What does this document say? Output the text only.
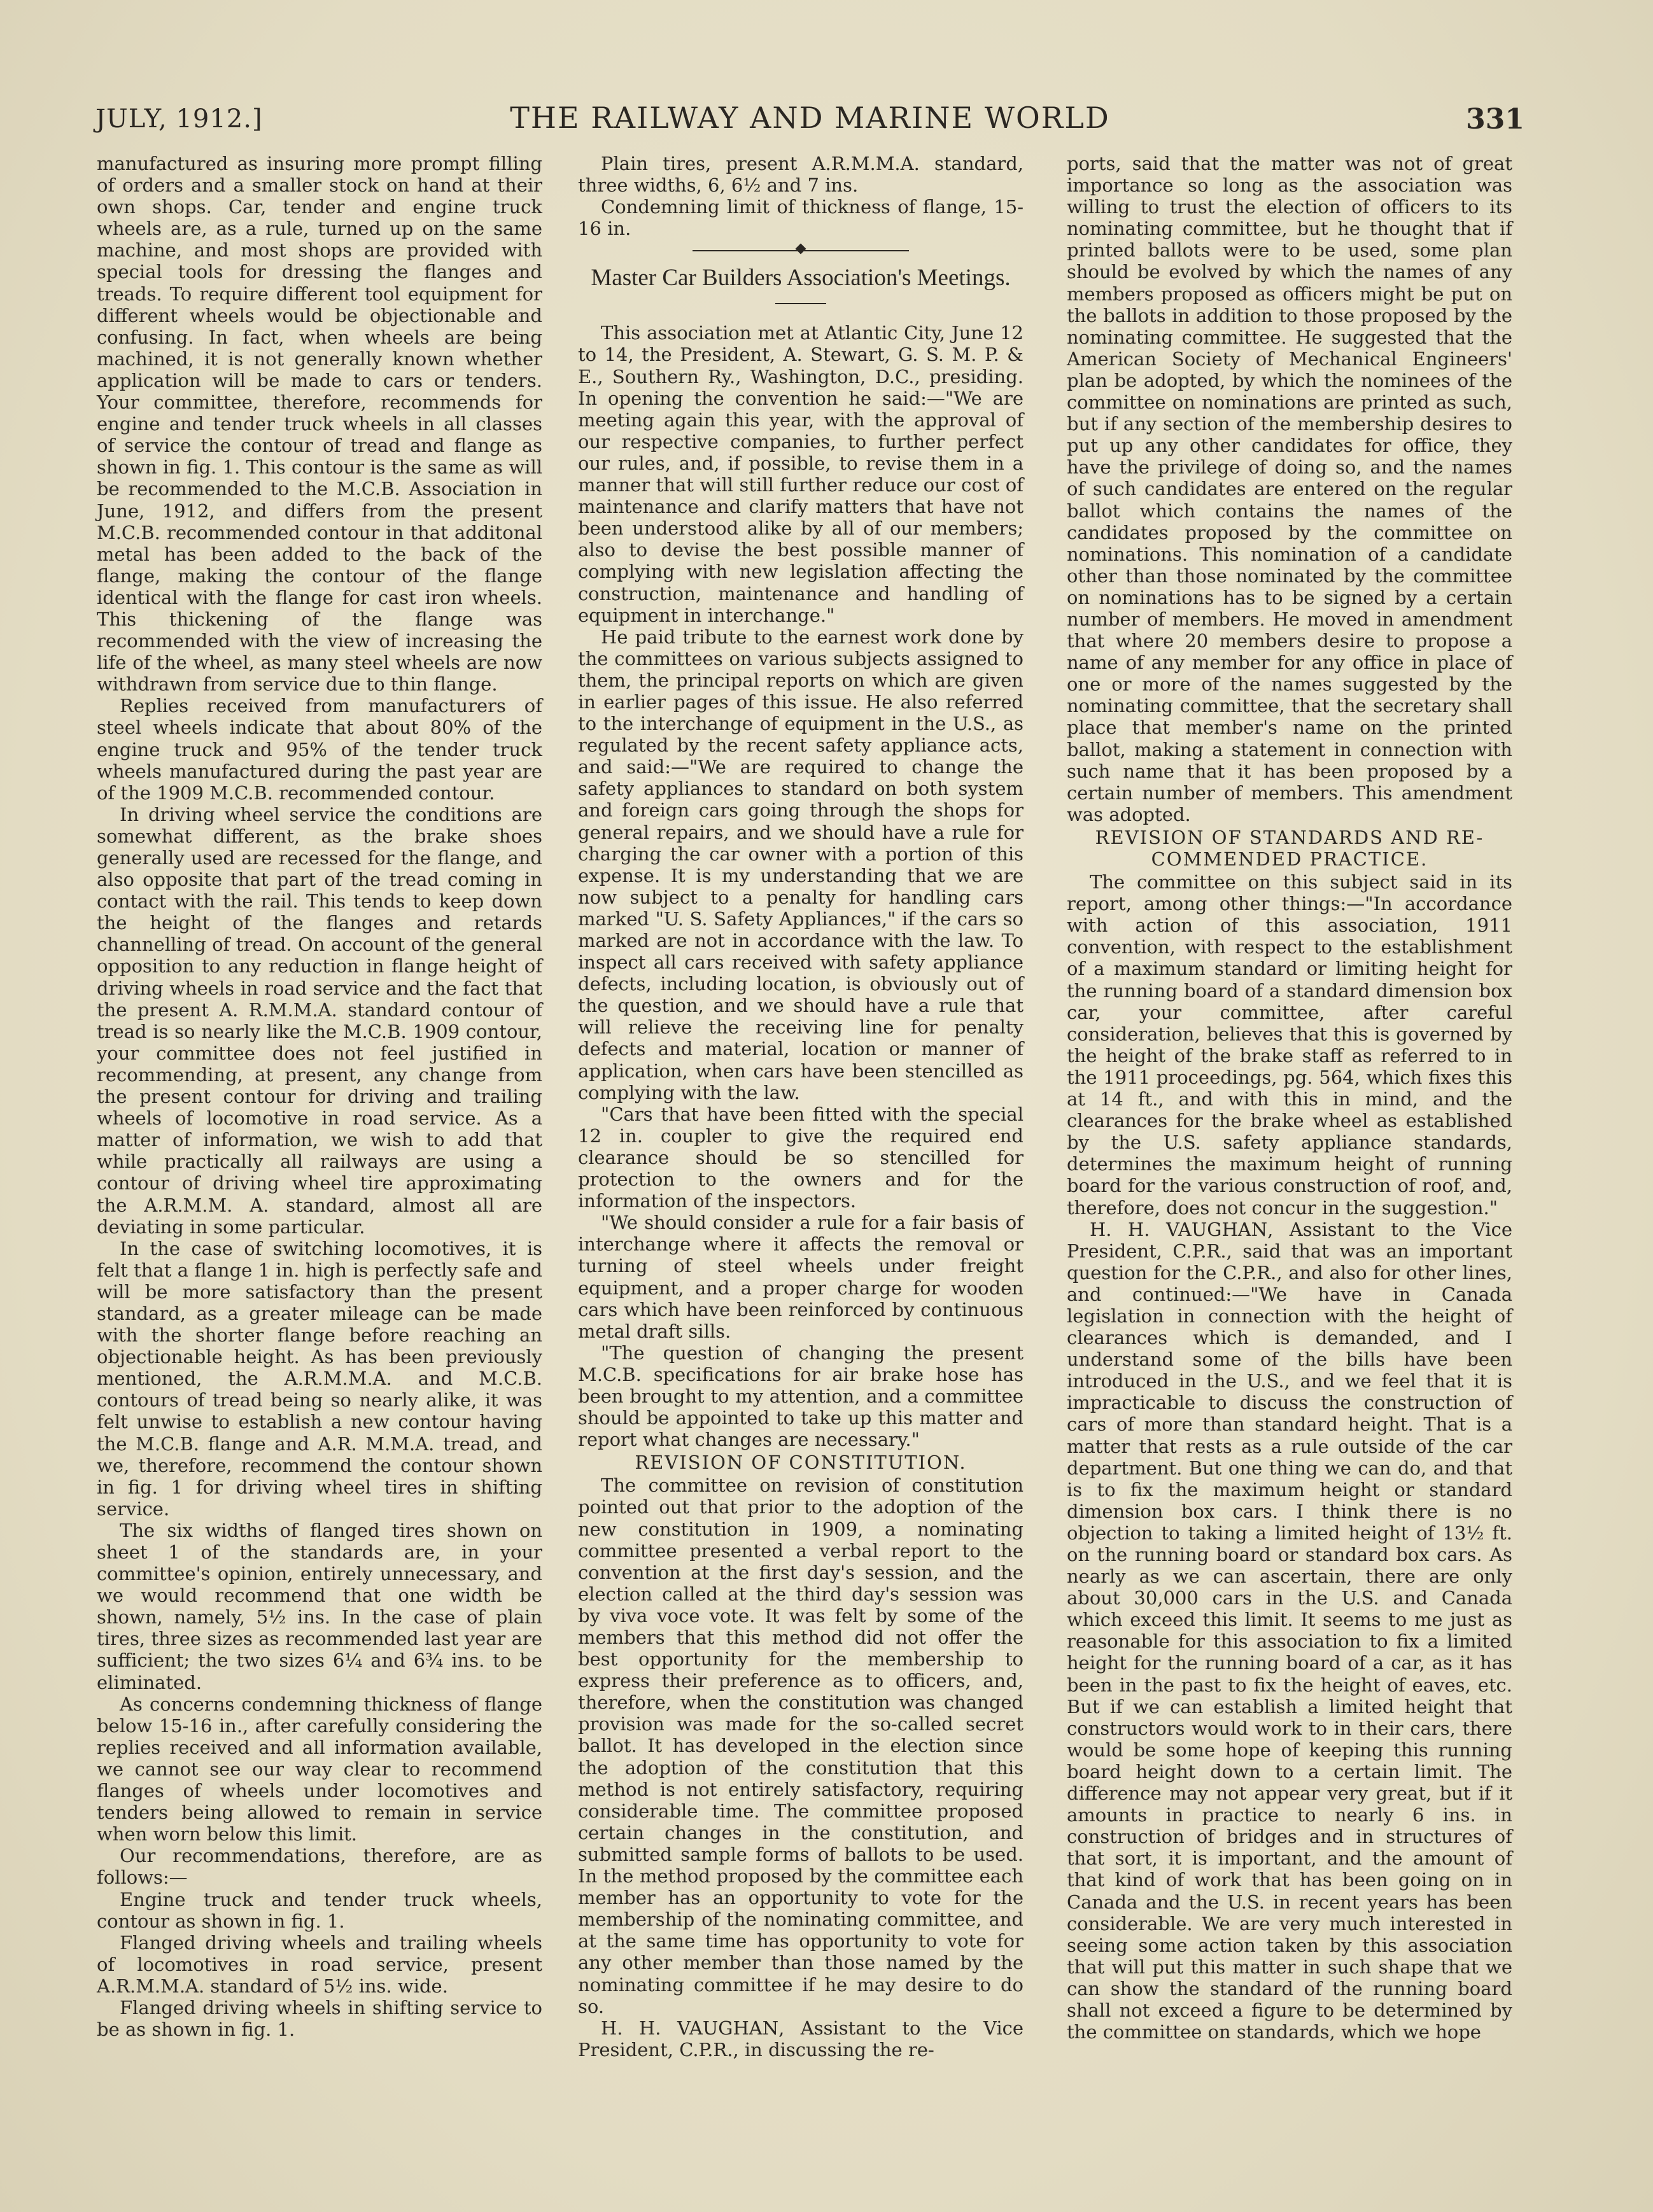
JULY, 1912.]	THE RAILWAY AND MARINE WORLD	331

manufactured as insuring more prompt filling of orders and a smaller stock on hand at their own shops. Car, tender and engine truck wheels are, as a rule, turned up on the same machine, and most shops are provided with special tools for dressing the flanges and treads. To require different tool equipment for different wheels would be objectionable and confusing. In fact, when wheels are being machined, it is not generally known whether application will be made to cars or tenders. Your committee, therefore, recommends for engine and tender truck wheels in all classes of service the contour of tread and flange as shown in fig. 1. This contour is the same as will be recommended to the M.C.B. Association in June, 1912, and differs from the present M.C.B. recommended contour in that additonal metal has been added to the back of the flange, making the contour of the flange identical with the flange for cast iron wheels. This thickening of the flange was recommended with the view of increasing the life of the wheel, as many steel wheels are now withdrawn from service due to thin flange.

Replies received from manufacturers of steel wheels indicate that about 80% of the engine truck and 95% of the tender truck wheels manufactured during the past year are of the 1909 M.C.B. recommended contour.

In driving wheel service the conditions are somewhat different, as the brake shoes generally used are recessed for the flange, and also opposite that part of the tread coming in contact with the rail. This tends to keep down the height of the flanges and retards channelling of tread. On account of the general opposition to any reduction in flange height of driving wheels in road service and the fact that the present A. R.M.M.A. standard contour of tread is so nearly like the M.C.B. 1909 contour, your committee does not feel justified in recommending, at present, any change from the present contour for driving and trailing wheels of locomotive in road service. As a matter of information, we wish to add that while practically all railways are using a contour of driving wheel tire approximating the A.R.M.M. A. standard, almost all are deviating in some particular.

In the case of switching locomotives, it is felt that a flange 1 in. high is perfectly safe and will be more satisfactory than the present standard, as a greater mileage can be made with the shorter flange before reaching an objectionable height. As has been previously mentioned, the A.R.M.M.A. and M.C.B. contours of tread being so nearly alike, it was felt unwise to establish a new contour having the M.C.B. flange and A.R. M.M.A. tread, and we, therefore, recommend the contour shown in fig. 1 for driving wheel tires in shifting service.

The six widths of flanged tires shown on sheet 1 of the standards are, in your committee's opinion, entirely unnecessary, and we would recommend that one width be shown, namely, 5½ ins. In the case of plain tires, three sizes as recommended last year are sufficient; the two sizes 6¼ and 6¾ ins. to be eliminated.

As concerns condemning thickness of flange below 15-16 in., after carefully considering the replies received and all information available, we cannot see our way clear to recommend flanges of wheels under locomotives and tenders being allowed to remain in service when worn below this limit.

Our recommendations, therefore, are as follows:—

Engine truck and tender truck wheels, contour as shown in fig. 1.

Flanged driving wheels and trailing wheels of locomotives in road service, present A.R.M.M.A. standard of 5½ ins. wide.

Flanged driving wheels in shifting service to be as shown in fig. 1.

Plain tires, present A.R.M.M.A. standard, three widths, 6, 6½ and 7 ins.

Condemning limit of thickness of flange, 15-16 in.

Master Car Builders Association's Meetings.

This association met at Atlantic City, June 12 to 14, the President, A. Stewart, G. S. M. P. & E., Southern Ry., Washington, D.C., presiding. In opening the convention he said:—"We are meeting again this year, with the approval of our respective companies, to further perfect our rules, and, if possible, to revise them in a manner that will still further reduce our cost of maintenance and clarify matters that have not been understood alike by all of our members; also to devise the best possible manner of complying with new legislation affecting the construction, maintenance and handling of equipment in interchange."

He paid tribute to the earnest work done by the committees on various subjects assigned to them, the principal reports on which are given in earlier pages of this issue. He also referred to the interchange of equipment in the U.S., as regulated by the recent safety appliance acts, and said:—"We are required to change the safety appliances to standard on both system and foreign cars going through the shops for general repairs, and we should have a rule for charging the car owner with a portion of this expense. It is my understanding that we are now subject to a penalty for handling cars marked "U. S. Safety Appliances," if the cars so marked are not in accordance with the law. To inspect all cars received with safety appliance defects, including location, is obviously out of the question, and we should have a rule that will relieve the receiving line for penalty defects and material, location or manner of application, when cars have been stencilled as complying with the law.

"Cars that have been fitted with the special 12 in. coupler to give the required end clearance should be so stencilled for protection to the owners and for the information of the inspectors.

"We should consider a rule for a fair basis of interchange where it affects the removal or turning of steel wheels under freight equipment, and a proper charge for wooden cars which have been reinforced by continuous metal draft sills.

"The question of changing the present M.C.B. specifications for air brake hose has been brought to my attention, and a committee should be appointed to take up this matter and report what changes are necessary."

REVISION OF CONSTITUTION.

The committee on revision of constitution pointed out that prior to the adoption of the new constitution in 1909, a nominating committee presented a verbal report to the convention at the first day's session, and the election called at the third day's session was by viva voce vote. It was felt by some of the members that this method did not offer the best opportunity for the membership to express their preference as to officers, and, therefore, when the constitution was changed provision was made for the so-called secret ballot. It has developed in the election since the adoption of the constitution that this method is not entirely satisfactory, requiring considerable time. The committee proposed certain changes in the constitution, and submitted sample forms of ballots to be used. In the method proposed by the committee each member has an opportunity to vote for the membership of the nominating committee, and at the same time has opportunity to vote for any other member than those named by the nominating committee if he may desire to do so.

H. H. VAUGHAN, Assistant to the Vice President, C.P.R., in discussing the re-

ports, said that the matter was not of great importance so long as the association was willing to trust the election of officers to its nominating committee, but he thought that if printed ballots were to be used, some plan should be evolved by which the names of any members proposed as officers might be put on the ballots in addition to those proposed by the nominating committee. He suggested that the American Society of Mechanical Engineers' plan be adopted, by which the nominees of the committee on nominations are printed as such, but if any section of the membership desires to put up any other candidates for office, they have the privilege of doing so, and the names of such candidates are entered on the regular ballot which contains the names of the candidates proposed by the committee on nominations. This nomination of a candidate other than those nominated by the committee on nominations has to be signed by a certain number of members. He moved in amendment that where 20 members desire to propose a name of any member for any office in place of one or more of the names suggested by the nominating committee, that the secretary shall place that member's name on the printed ballot, making a statement in connection with such name that it has been proposed by a certain number of members. This amendment was adopted.

REVISION OF STANDARDS AND RE-
COMMENDED PRACTICE.

The committee on this subject said in its report, among other things:—"In accordance with action of this association, 1911 convention, with respect to the establishment of a maximum standard or limiting height for the running board of a standard dimension box car, your committee, after careful consideration, believes that this is governed by the height of the brake staff as referred to in the 1911 proceedings, pg. 564, which fixes this at 14 ft., and with this in mind, and the clearances for the brake wheel as established by the U.S. safety appliance standards, determines the maximum height of running board for the various construction of roof, and, therefore, does not concur in the suggestion."

H. H. VAUGHAN, Assistant to the Vice President, C.P.R., said that was an important question for the C.P.R., and also for other lines, and continued:—"We have in Canada legislation in connection with the height of clearances which is demanded, and I understand some of the bills have been introduced in the U.S., and we feel that it is impracticable to discuss the construction of cars of more than standard height. That is a matter that rests as a rule outside of the car department. But one thing we can do, and that is to fix the maximum height or standard dimension box cars. I think there is no objection to taking a limited height of 13½ ft. on the running board or standard box cars. As nearly as we can ascertain, there are only about 30,000 cars in the U.S. and Canada which exceed this limit. It seems to me just as reasonable for this association to fix a limited height for the running board of a car, as it has been in the past to fix the height of eaves, etc. But if we can establish a limited height that constructors would work to in their cars, there would be some hope of keeping this running board height down to a certain limit. The difference may not appear very great, but if it amounts in practice to nearly 6 ins. in construction of bridges and in structures of that sort, it is important, and the amount of that kind of work that has been going on in Canada and the U.S. in recent years has been considerable. We are very much interested in seeing some action taken by this association that will put this matter in such shape that we can show the standard of the running board shall not exceed a figure to be determined by the committee on standards, which we hope
